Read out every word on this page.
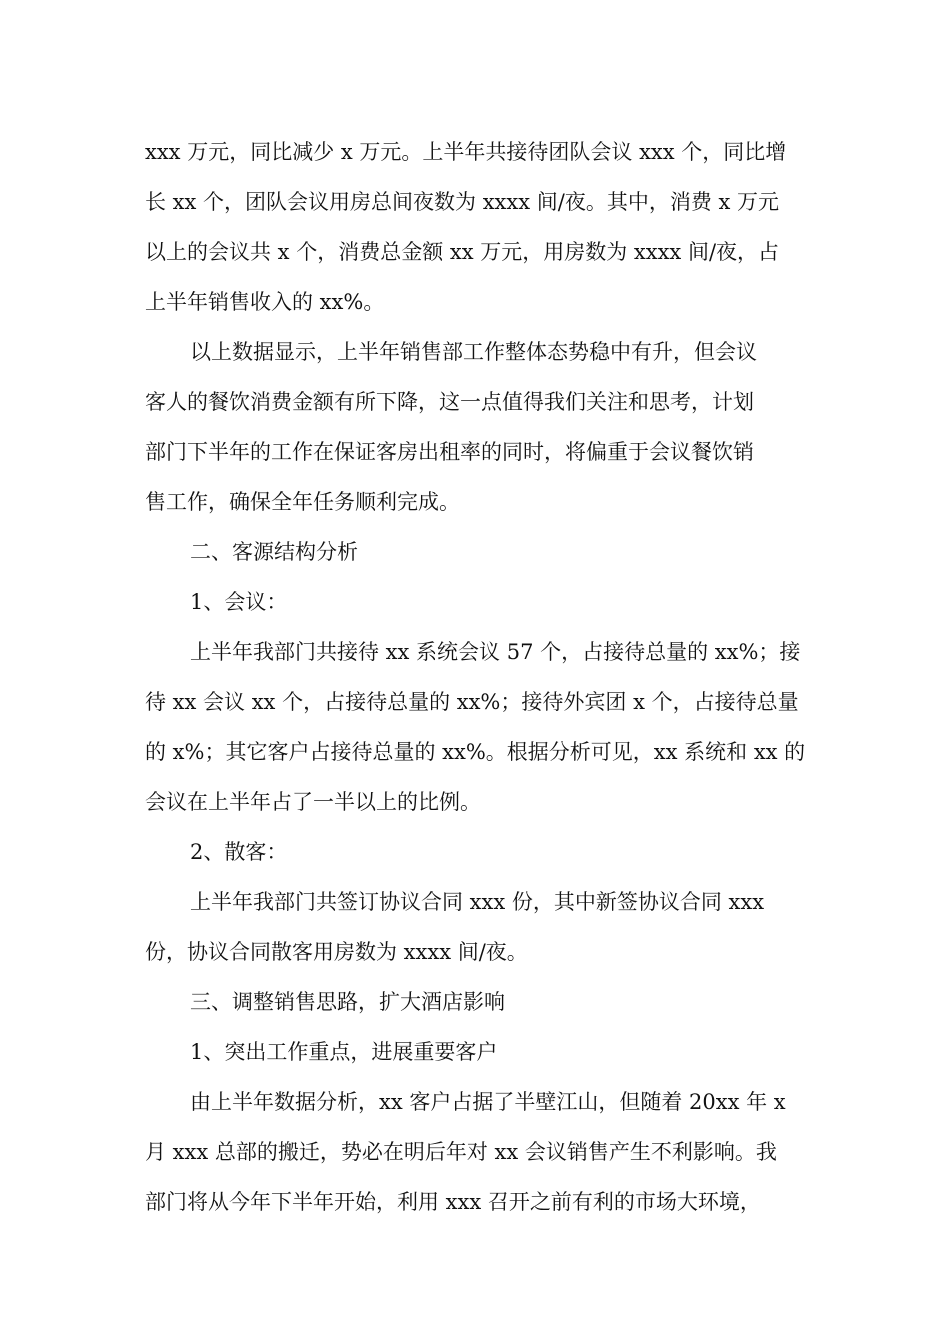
xxx 万元，同比减少 x 万元。上半年共接待团队会议 xxx 个，同比增
长 xx 个，团队会议用房总间夜数为 xxxx 间/夜。其中，消费 x 万元
以上的会议共 x 个，消费总金额 xx 万元，用房数为 xxxx 间/夜，占
上半年销售收入的 xx%。
以上数据显示，上半年销售部工作整体态势稳中有升，但会议
客人的餐饮消费金额有所下降，这一点值得我们关注和思考，计划
部门下半年的工作在保证客房出租率的同时，将偏重于会议餐饮销
售工作，确保全年任务顺利完成。
二、客源结构分析
1、会议：
上半年我部门共接待 xx 系统会议 57 个，占接待总量的 xx%；接
待 xx 会议 xx 个，占接待总量的 xx%；接待外宾团 x 个，占接待总量
的 x%；其它客户占接待总量的 xx%。根据分析可见，xx 系统和 xx 的
会议在上半年占了一半以上的比例。
2、散客：
上半年我部门共签订协议合同 xxx 份，其中新签协议合同 xxx
份，协议合同散客用房数为 xxxx 间/夜。
三、调整销售思路，扩大酒店影响
1、突出工作重点，进展重要客户
由上半年数据分析，xx 客户占据了半壁江山，但随着 20xx 年 x
月 xxx 总部的搬迁，势必在明后年对 xx 会议销售产生不利影响。我
部门将从今年下半年开始，利用 xxx 召开之前有利的市场大环境，
